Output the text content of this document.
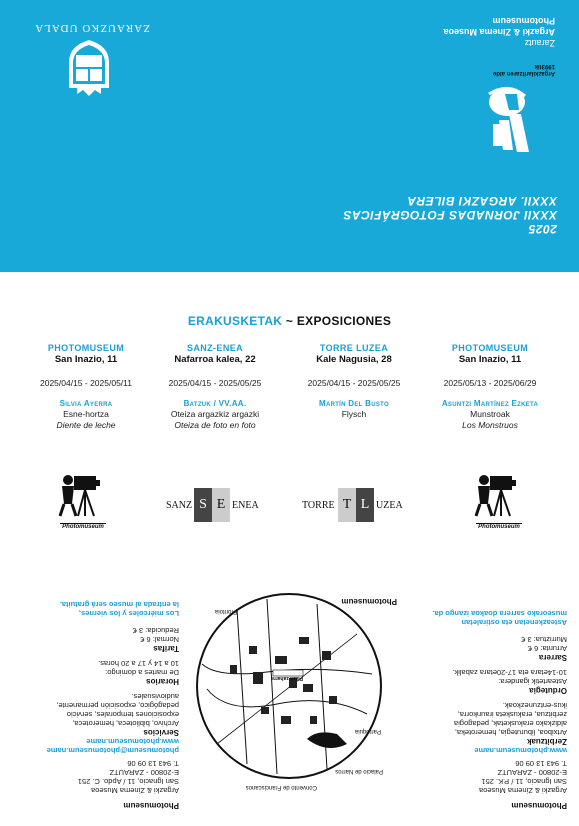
ZARAUZKO UDALA
Zarautz
Argazki & Zinema Museoa
Photomuseum
Argazkilaritzaren alde
1993tik
2025
XXXII JORNADAS FOTOGRÁFICAS
XXXII. ARGAZKI BILERA
ERAKUSKETAK ~ EXPOSICIONES
PHOTOMUSEUM
San Inazio, 11
2025/04/15 - 2025/05/11
Silvia Ayerra
Esne-hortza
Diente de leche
SANZ-ENEA
Nafarroa kalea, 22
2025/04/15 - 2025/05/25
Batzuk / VV.AA.
Oteiza argazkiz argazki
Oteiza de foto en foto
TORRE LUZEA
Kale Nagusia, 28
2025/04/15 - 2025/05/25
Martín Del Busto
Flysch
PHOTOMUSEUM
San Inazio, 11
2025/05/13 - 2025/06/29
Asuntzi Martínez Ezketa
Munstroak
Los Monstruos
Photomuseum	Photomuseum
SANZ S E ENEA	TORRE T L UZEA
Photomuseum
Argazki & Zinema Museoa
San Ignacio, 11 / P.K. 251
E-20800 - ZARAUTZ
T. 943 13 09 06
www.photomuseum.name
Zerbitzuak
Artxiboa, liburutegia, hemeroteka,
aldizkako erakusketak, pedagogia
zerbitzua, erakusketa iraunkorra,
ikus-entzunezkoak.
Ordutegia
Asteartetik igandera:
10-14etara eta 17-20etara zabalik.
Sarrera
Arrunta: 6 €
Murriztua: 3 €
Asteazkenetan eta ostiraletan
museorako sarrera doakoa izango da.
Photomuseum
Argazki & Zinema Museoa
San Ignacio, 11 / Apdo. C. 251
E-20800 - ZARAUTZ
T. 943 13 09 06
photomuseum@photomuseum.name
www.photomuseum.name
Servicios
Archivo, biblioteca, hemeroteca,
exposiciones temporales, servicio
pedagógico, exposición permanente,
audiovisuales.
Horarios
De martes a domingo:
10 a 14 y 17 a 20 horas.
Tarifas
Normal: 6 €
Reducida: 3 €
Los miércoles y los viernes,
la entrada al museo será gratuita.
Palacio de Narros
Convento de Franciscanos
Parroquia
Plaza zaharra
Frontoia
Photomuseum
